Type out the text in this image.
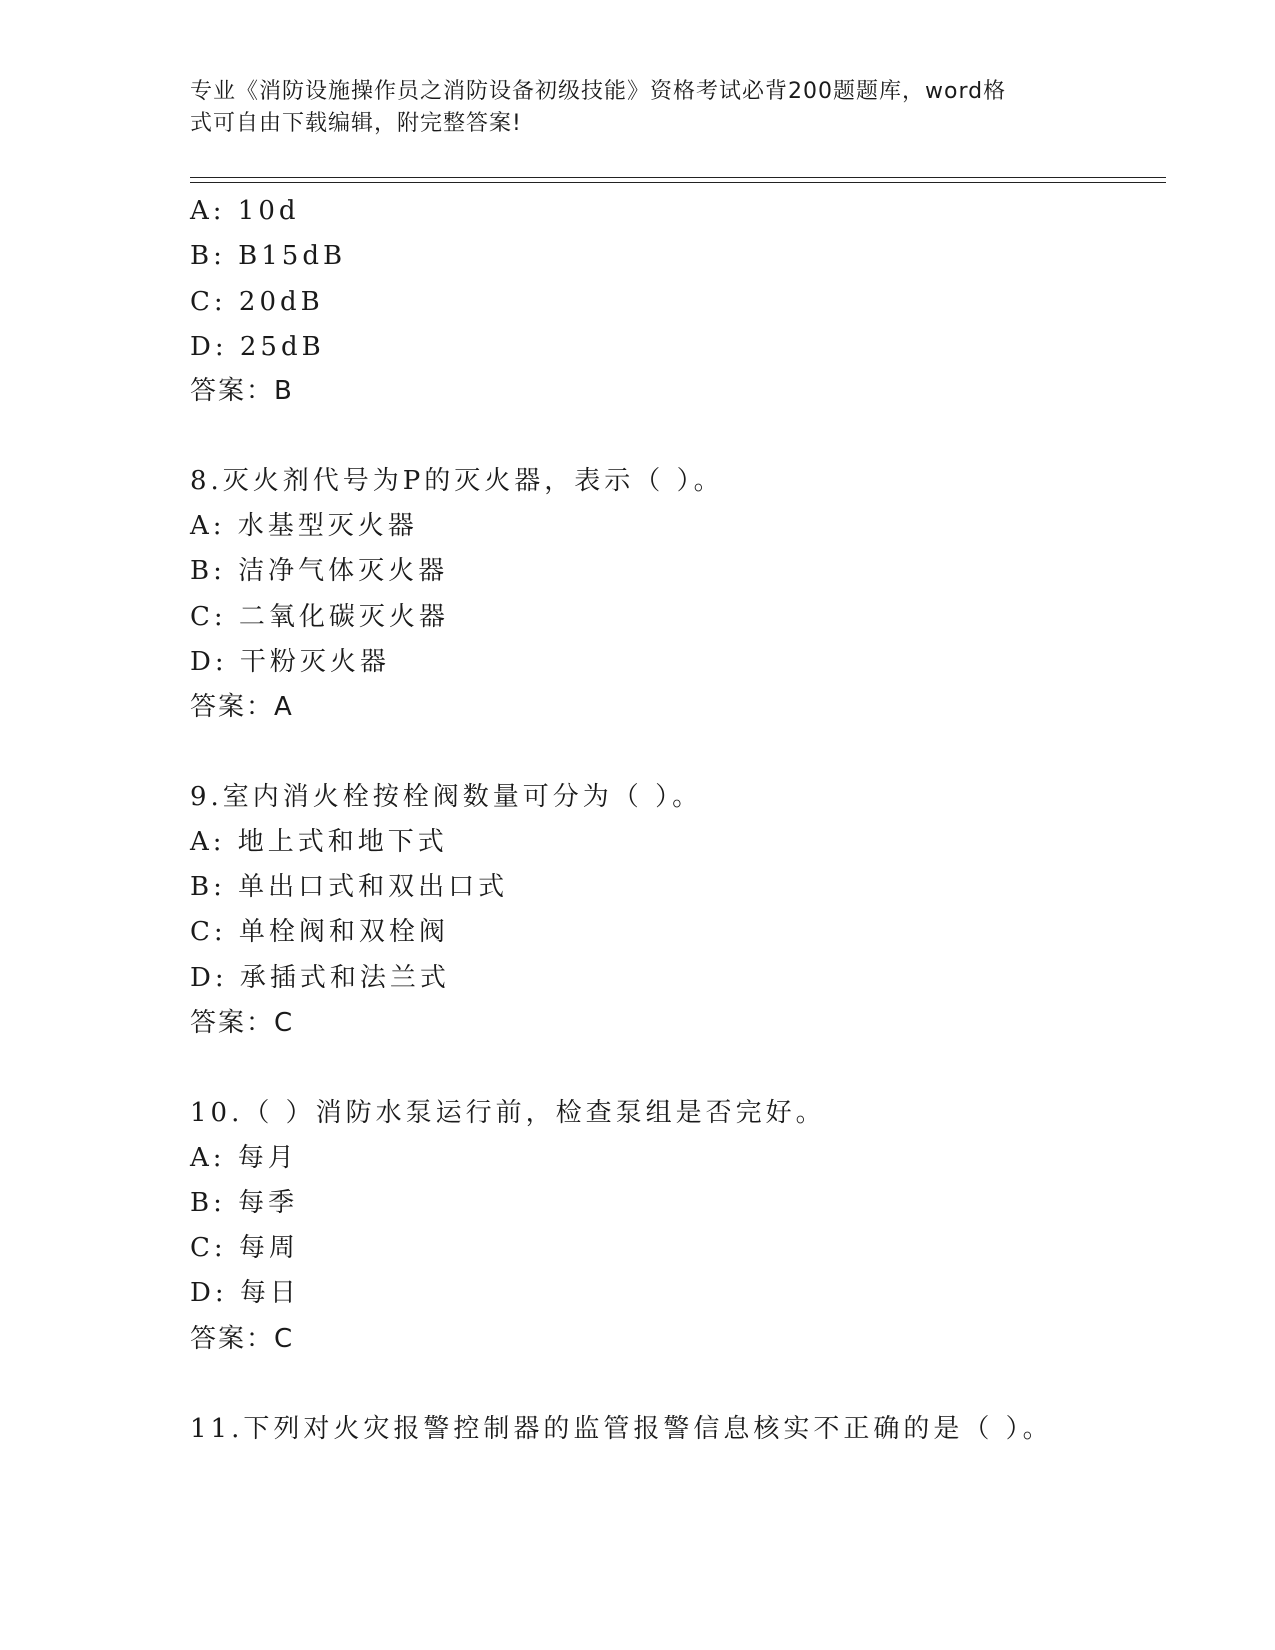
专业《消防设施操作员之消防设备初级技能》资格考试必背200题题库，word格
式可自由下载编辑，附完整答案!
A: 10d
B: B15dB
C: 20dB
D: 25dB
答案：B
8.灭火剂代号为P的灭火器，表示（ ）。
A: 水基型灭火器
B: 洁净气体灭火器
C: 二氧化碳灭火器
D: 干粉灭火器
答案：A
9.室内消火栓按栓阀数量可分为（ ）。
A: 地上式和地下式
B: 单出口式和双出口式
C: 单栓阀和双栓阀
D: 承插式和法兰式
答案：C
10.（ ）消防水泵运行前，检查泵组是否完好。
A: 每月
B: 每季
C: 每周
D: 每日
答案：C
11.下列对火灾报警控制器的监管报警信息核实不正确的是（ ）。
